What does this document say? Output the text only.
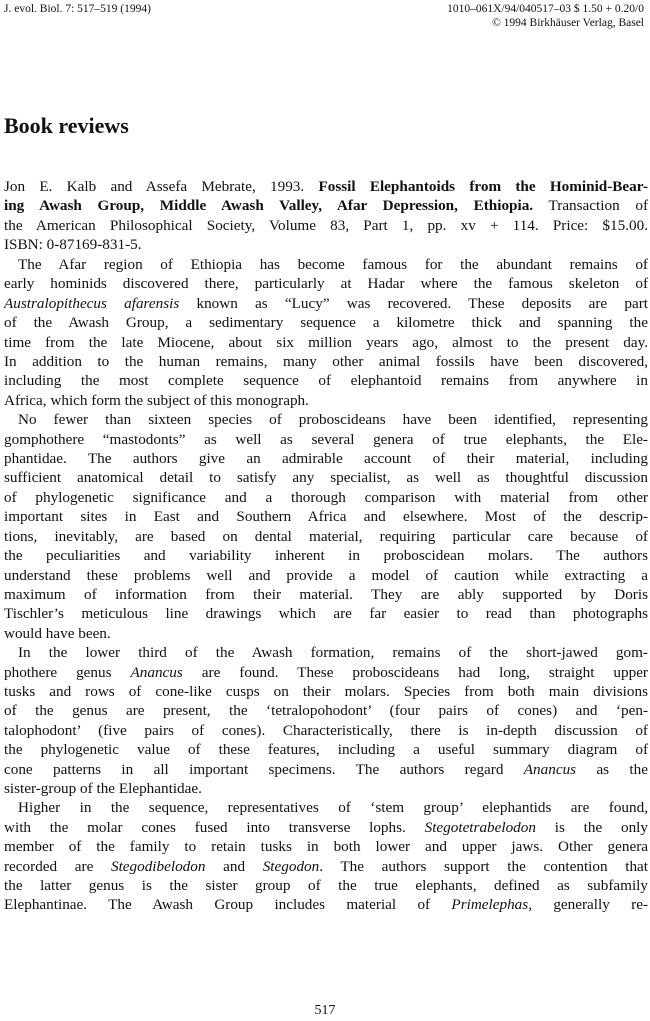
J. evol. Biol. 7: 517–519 (1994)	1010–061X/94/040517–03 $ 1.50 + 0.20/0
© 1994 Birkhäuser Verlag, Basel
Book reviews
Jon E. Kalb and Assefa Mebrate, 1993. Fossil Elephantoids from the Hominid-Bear-
ing Awash Group, Middle Awash Valley, Afar Depression, Ethiopia. Transaction of
the American Philosophical Society, Volume 83, Part 1, pp. xv + 114. Price: $15.00.
ISBN: 0-87169-831-5.
The Afar region of Ethiopia has become famous for the abundant remains of
early hominids discovered there, particularly at Hadar where the famous skeleton of
Australopithecus afarensis known as “Lucy” was recovered. These deposits are part
of the Awash Group, a sedimentary sequence a kilometre thick and spanning the
time from the late Miocene, about six million years ago, almost to the present day.
In addition to the human remains, many other animal fossils have been discovered,
including the most complete sequence of elephantoid remains from anywhere in
Africa, which form the subject of this monograph.
No fewer than sixteen species of proboscideans have been identified, representing
gomphothere “mastodonts” as well as several genera of true elephants, the Ele-
phantidae. The authors give an admirable account of their material, including
sufficient anatomical detail to satisfy any specialist, as well as thoughtful discussion
of phylogenetic significance and a thorough comparison with material from other
important sites in East and Southern Africa and elsewhere. Most of the descrip-
tions, inevitably, are based on dental material, requiring particular care because of
the peculiarities and variability inherent in proboscidean molars. The authors
understand these problems well and provide a model of caution while extracting a
maximum of information from their material. They are ably supported by Doris
Tischler’s meticulous line drawings which are far easier to read than photographs
would have been.
In the lower third of the Awash formation, remains of the short-jawed gom-
phothere genus Anancus are found. These proboscideans had long, straight upper
tusks and rows of cone-like cusps on their molars. Species from both main divisions
of the genus are present, the ‘tetralopohodont’ (four pairs of cones) and ‘pen-
talophodont’ (five pairs of cones). Characteristically, there is in-depth discussion of
the phylogenetic value of these features, including a useful summary diagram of
cone patterns in all important specimens. The authors regard Anancus as the
sister-group of the Elephantidae.
Higher in the sequence, representatives of ‘stem group’ elephantids are found,
with the molar cones fused into transverse lophs. Stegotetrabelodon is the only
member of the family to retain tusks in both lower and upper jaws. Other genera
recorded are Stegodibelodon and Stegodon. The authors support the contention that
the latter genus is the sister group of the true elephants, defined as subfamily
Elephantinae. The Awash Group includes material of Primelephas, generally re-
517
